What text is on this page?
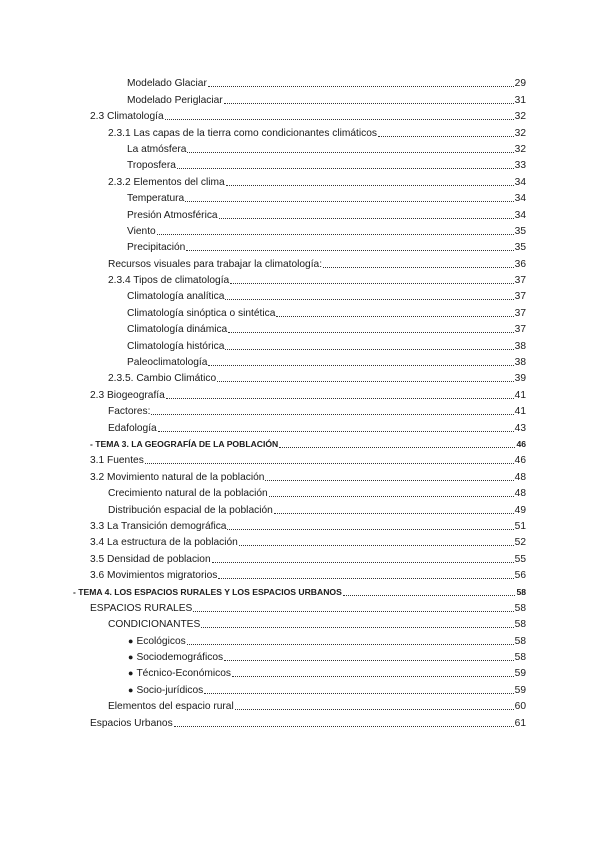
Modelado Glaciar	29
Modelado Periglaciar	31
2.3 Climatología	32
2.3.1 Las capas de la tierra como condicionantes climáticos	32
La atmósfera	32
Troposfera	33
2.3.2 Elementos del clima	34
Temperatura	34
Presión Atmosférica	34
Viento	35
Precipitación	35
Recursos visuales para trabajar la climatología:	36
2.3.4 Tipos de climatología	37
Climatología analítica	37
Climatología sinóptica o sintética	37
Climatología dinámica	37
Climatología histórica	38
Paleoclimatología	38
2.3.5. Cambio Climático	39
2.3 Biogeografía	41
Factores:	41
Edafología	43
- TEMA 3. LA GEOGRAFÍA DE LA POBLACIÓN	46
3.1 Fuentes	46
3.2 Movimiento natural de la población	48
Crecimiento natural de la población	48
Distribución espacial de la población	49
3.3 La Transición demográfica	51
3.4 La estructura de la población	52
3.5 Densidad de poblacion	55
3.6 Movimientos migratorios	56
- TEMA 4. LOS ESPACIOS RURALES Y LOS ESPACIOS URBANOS	58
ESPACIOS RURALES	58
CONDICIONANTES	58
● Ecológicos	58
● Sociodemográficos	58
● Técnico-Económicos	59
● Socio-jurídicos	59
Elementos del espacio rural	60
Espacios Urbanos	61
